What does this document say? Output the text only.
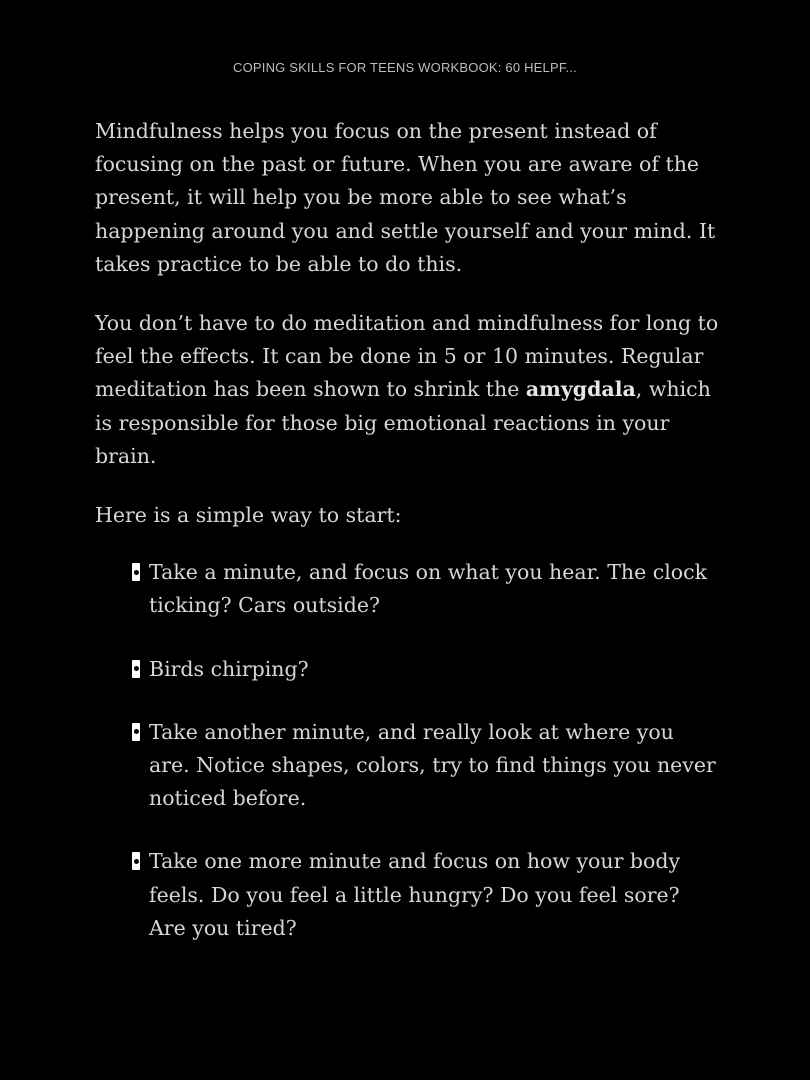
COPING SKILLS FOR TEENS WORKBOOK: 60 HELPF...

Mindfulness helps you focus on the present instead of focusing on the past or future. When you are aware of the present, it will help you be more able to see what’s happening around you and settle yourself and your mind. It takes practice to be able to do this.

You don’t have to do meditation and mindfulness for long to feel the effects. It can be done in 5 or 10 minutes. Regular meditation has been shown to shrink the amygdala, which is responsible for those big emotional reactions in your brain.

Here is a simple way to start:

Take a minute, and focus on what you hear. The clock ticking? Cars outside?
Birds chirping?
Take another minute, and really look at where you are. Notice shapes, colors, try to find things you never noticed before.
Take one more minute and focus on how your body feels. Do you feel a little hungry? Do you feel sore? Are you tired?
